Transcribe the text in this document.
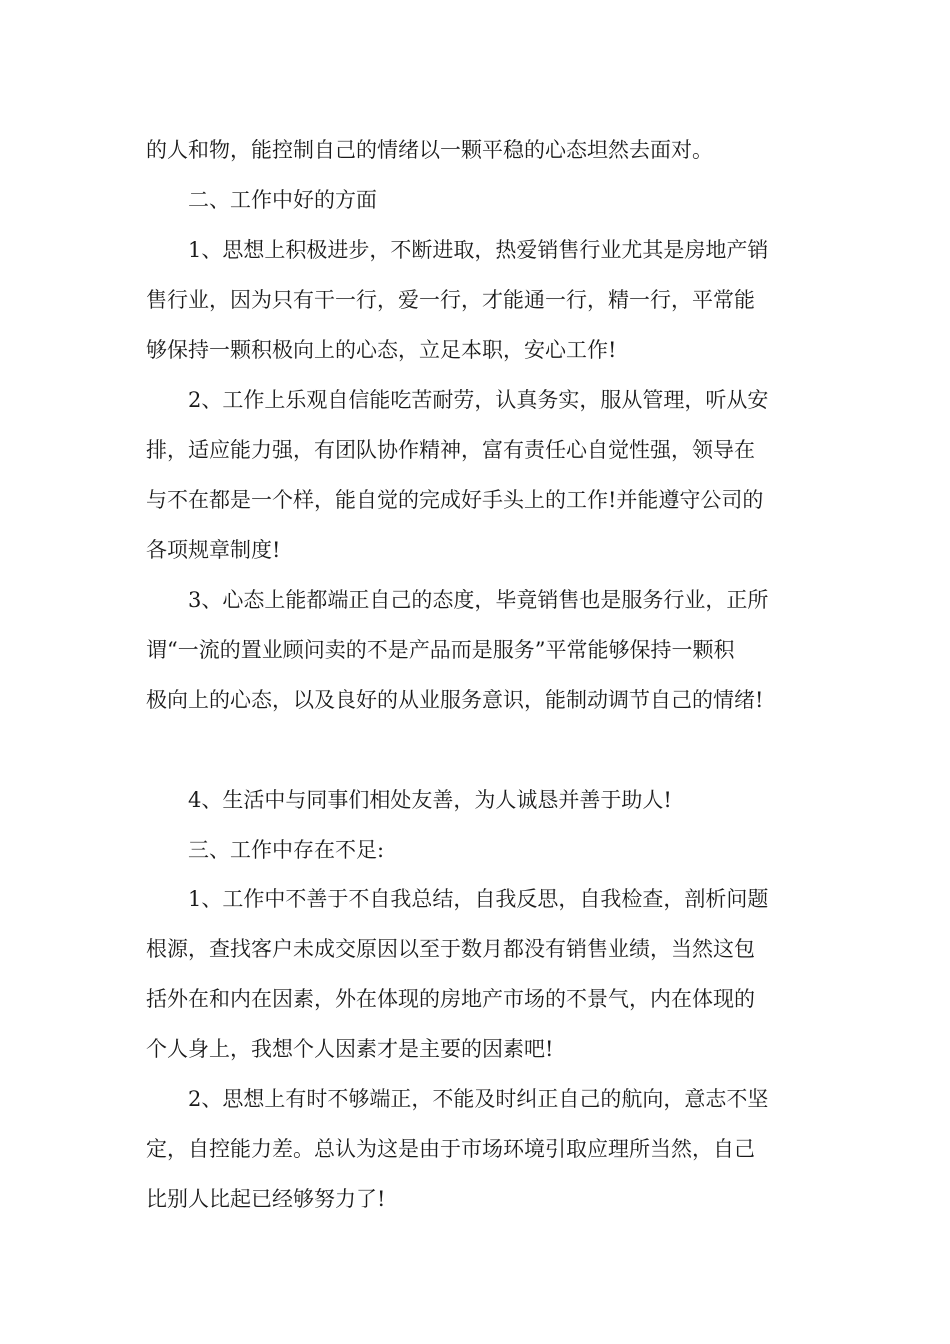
的人和物，能控制自己的情绪以一颗平稳的心态坦然去面对。

二、工作中好的方面

1、思想上积极进步，不断进取，热爱销售行业尤其是房地产销

售行业，因为只有干一行，爱一行，才能通一行，精一行，平常能

够保持一颗积极向上的心态，立足本职，安心工作!

2、工作上乐观自信能吃苦耐劳，认真务实，服从管理，听从安

排，适应能力强，有团队协作精神，富有责任心自觉性强，领导在

与不在都是一个样，能自觉的完成好手头上的工作!并能遵守公司的

各项规章制度!

3、心态上能都端正自己的态度，毕竟销售也是服务行业，正所

谓“一流的置业顾问卖的不是产品而是服务”平常能够保持一颗积

极向上的心态，以及良好的从业服务意识，能制动调节自己的情绪!

4、生活中与同事们相处友善，为人诚恳并善于助人!

三、工作中存在不足:

1、工作中不善于不自我总结，自我反思，自我检查，剖析问题

根源，查找客户未成交原因以至于数月都没有销售业绩，当然这包

括外在和内在因素，外在体现的房地产市场的不景气，内在体现的

个人身上，我想个人因素才是主要的因素吧!

2、思想上有时不够端正，不能及时纠正自己的航向，意志不坚

定，自控能力差。总认为这是由于市场环境引取应理所当然，自己

比别人比起已经够努力了!
